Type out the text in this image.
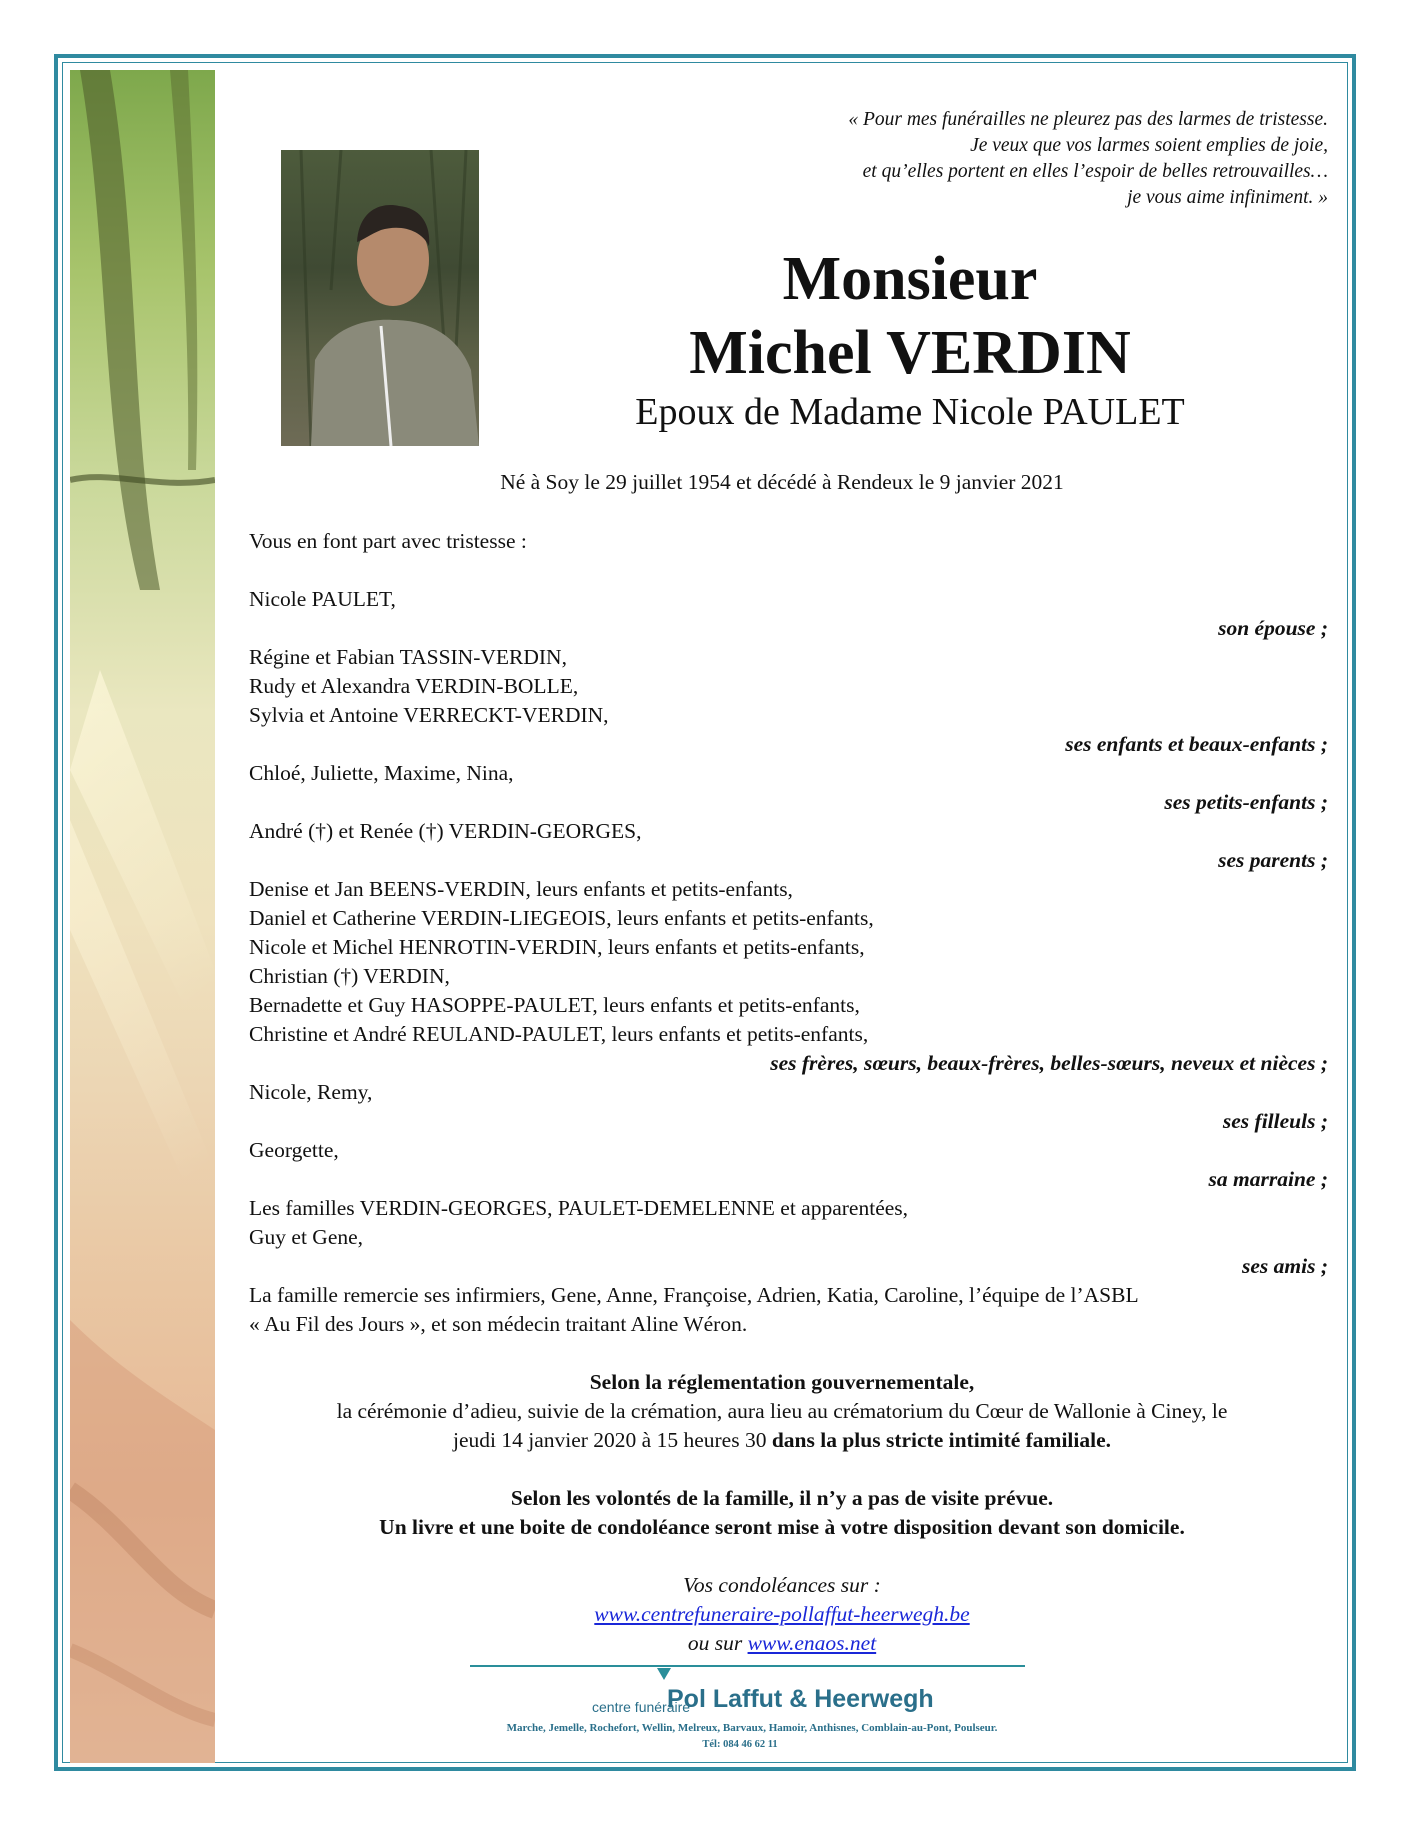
« Pour mes funérailles ne pleurez pas des larmes de tristesse.
Je veux que vos larmes soient emplies de joie,
et qu’elles portent en elles l’espoir de belles retrouvailles…
je vous aime infiniment. »
Monsieur
Michel VERDIN
Epoux de Madame Nicole PAULET
Né à Soy le 29 juillet 1954 et décédé à Rendeux le 9 janvier 2021
Vous en font part avec tristesse :
Nicole PAULET,
son épouse ;
Régine et Fabian TASSIN-VERDIN,
Rudy et Alexandra VERDIN-BOLLE,
Sylvia et Antoine VERRECKT-VERDIN,
ses enfants et beaux-enfants ;
Chloé, Juliette, Maxime, Nina,
ses petits-enfants ;
André (†) et Renée (†) VERDIN-GEORGES,
ses parents ;
Denise et Jan BEENS-VERDIN, leurs enfants et petits-enfants,
Daniel et Catherine VERDIN-LIEGEOIS, leurs enfants et petits-enfants,
Nicole et Michel HENROTIN-VERDIN, leurs enfants et petits-enfants,
Christian (†) VERDIN,
Bernadette et Guy HASOPPE-PAULET, leurs enfants et petits-enfants,
Christine et André REULAND-PAULET, leurs enfants et petits-enfants,
ses frères, sœurs, beaux-frères, belles-sœurs, neveux et nièces ;
Nicole, Remy,
ses filleuls ;
Georgette,
sa marraine ;
Les familles VERDIN-GEORGES, PAULET-DEMELENNE et apparentées,
Guy et Gene,
ses amis ;
La famille remercie ses infirmiers, Gene, Anne, Françoise, Adrien, Katia, Caroline, l’équipe de l’ASBL
« Au Fil des Jours », et son médecin traitant Aline Wéron.
Selon la réglementation gouvernementale,
la cérémonie d’adieu, suivie de la crémation, aura lieu au crématorium du Cœur de Wallonie à Ciney, le
jeudi 14 janvier 2020 à 15 heures 30 dans la plus stricte intimité familiale.
Selon les volontés de la famille, il n’y a pas de visite prévue.
Un livre et une boite de condoléance seront mise à votre disposition devant son domicile.
Vos condoléances sur :
www.centrefuneraire-pollaffut-heerwegh.be
ou sur www.enaos.net
centre funéraire
Pol Laffut & Heerwegh
Marche, Jemelle, Rochefort, Wellin, Melreux, Barvaux, Hamoir, Anthisnes, Comblain-au-Pont, Poulseur.
Tél: 084 46 62 11
